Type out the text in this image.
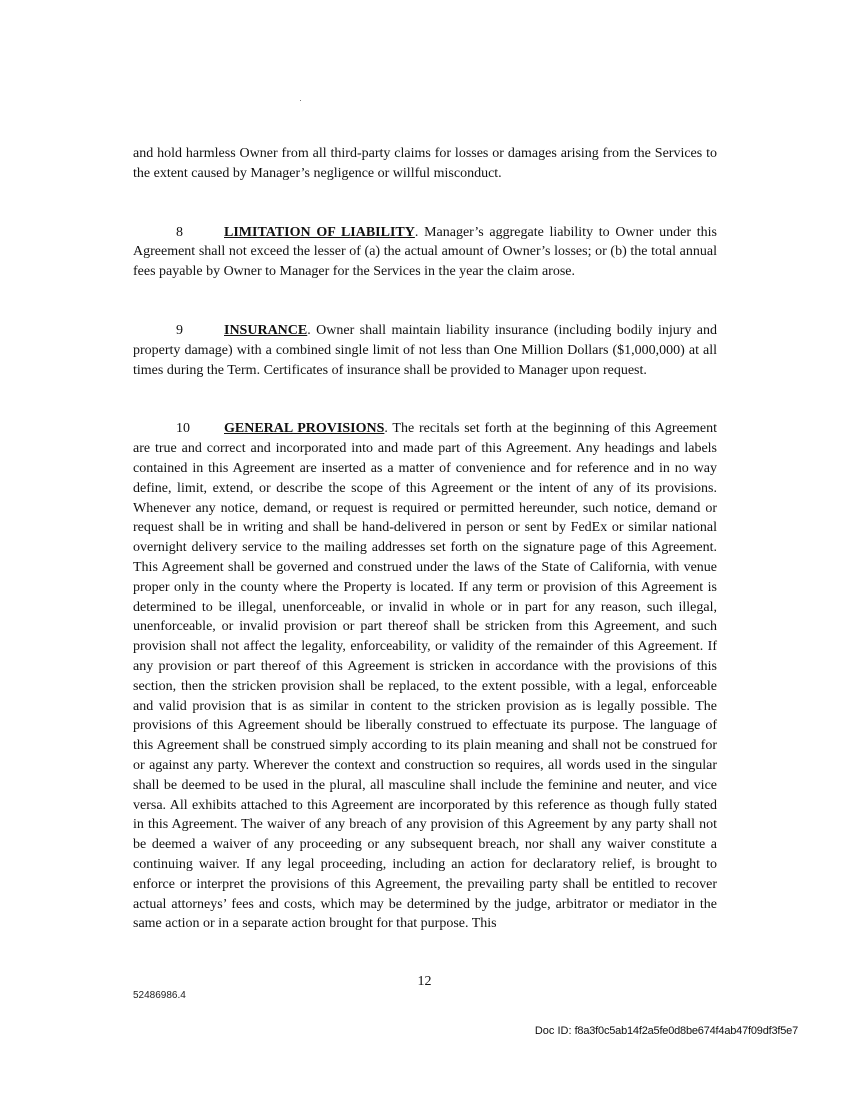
and hold harmless Owner from all third-party claims for losses or damages arising from the Services to the extent caused by Manager’s negligence or willful misconduct.

8	LIMITATION OF LIABILITY. Manager’s aggregate liability to Owner under this Agreement shall not exceed the lesser of (a) the actual amount of Owner’s losses; or (b) the total annual fees payable by Owner to Manager for the Services in the year the claim arose.

9	INSURANCE. Owner shall maintain liability insurance (including bodily injury and property damage) with a combined single limit of not less than One Million Dollars ($1,000,000) at all times during the Term. Certificates of insurance shall be provided to Manager upon request.

10 GENERAL PROVISIONS. The recitals set forth at the beginning of this Agreement are true and correct and incorporated into and made part of this Agreement. Any headings and labels contained in this Agreement are inserted as a matter of convenience and for reference and in no way define, limit, extend, or describe the scope of this Agreement or the intent of any of its provisions. Whenever any notice, demand, or request is required or permitted hereunder, such notice, demand or request shall be in writing and shall be hand-delivered in person or sent by FedEx or similar national overnight delivery service to the mailing addresses set forth on the signature page of this Agreement. This Agreement shall be governed and construed under the laws of the State of California, with venue proper only in the county where the Property is located. If any term or provision of this Agreement is determined to be illegal, unenforceable, or invalid in whole or in part for any reason, such illegal, unenforceable, or invalid provision or part thereof shall be stricken from this Agreement, and such provision shall not affect the legality, enforceability, or validity of the remainder of this Agreement. If any provision or part thereof of this Agreement is stricken in accordance with the provisions of this section, then the stricken provision shall be replaced, to the extent possible, with a legal, enforceable and valid provision that is as similar in content to the stricken provision as is legally possible. The provisions of this Agreement should be liberally construed to effectuate its purpose. The language of this Agreement shall be construed simply according to its plain meaning and shall not be construed for or against any party. Wherever the context and construction so requires, all words used in the singular shall be deemed to be used in the plural, all masculine shall include the feminine and neuter, and vice versa. All exhibits attached to this Agreement are incorporated by this reference as though fully stated in this Agreement. The waiver of any breach of any provision of this Agreement by any party shall not be deemed a waiver of any proceeding or any subsequent breach, nor shall any waiver constitute a continuing waiver. If any legal proceeding, including an action for declaratory relief, is brought to enforce or interpret the provisions of this Agreement, the prevailing party shall be entitled to recover actual attorneys’ fees and costs, which may be determined by the judge, arbitrator or mediator in the same action or in a separate action brought for that purpose. This

12
52486986.4
Doc ID: f8a3f0c5ab14f2a5fe0d8be674f4ab47f09df3f5e7
